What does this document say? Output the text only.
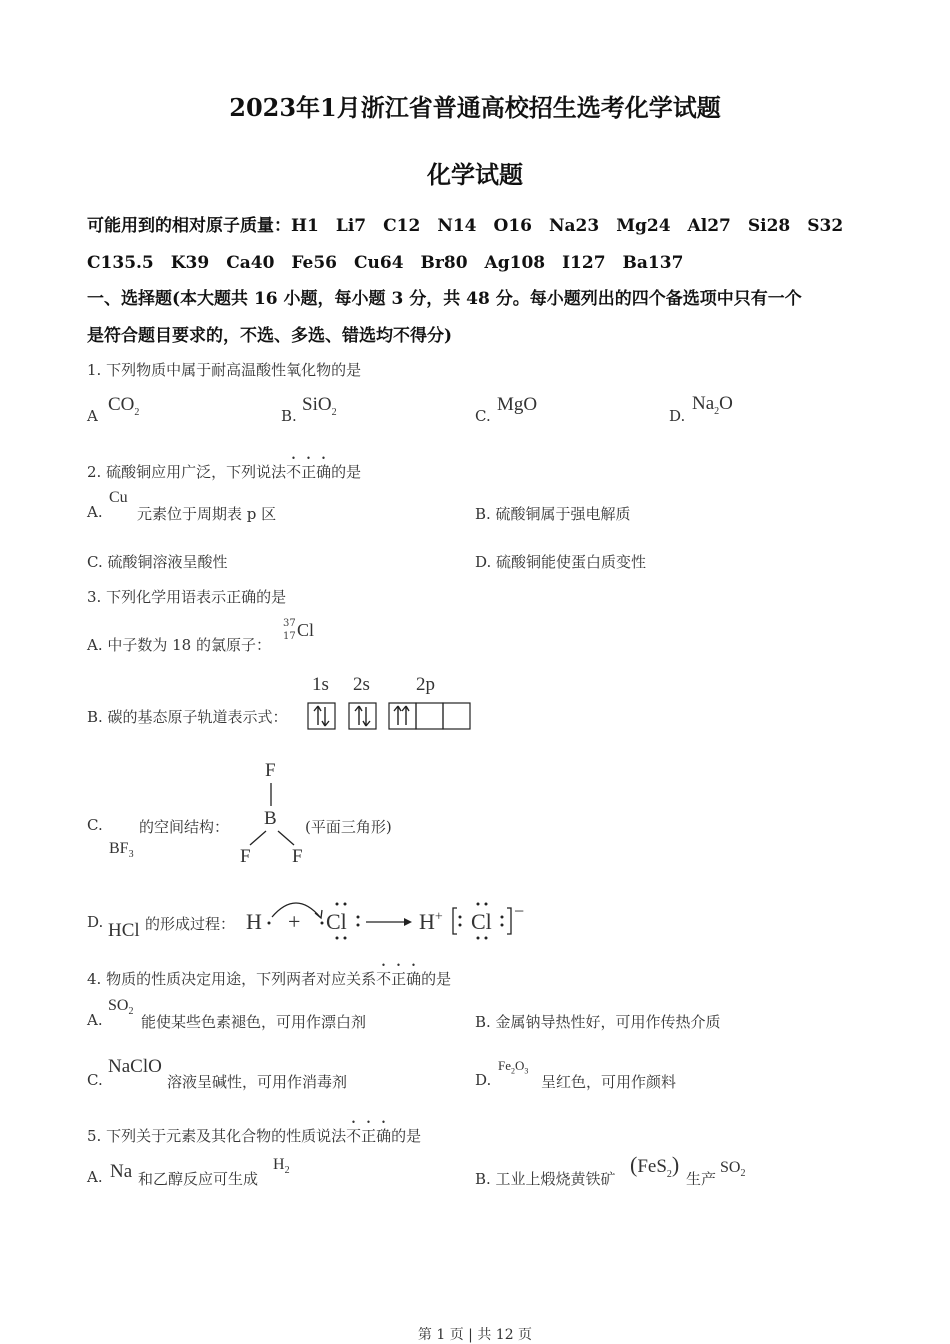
2023年1月浙江省普通高校招生选考化学试题
化学试题
可能用到的相对原子质量：H1　Li7　C12　N14　O16　Na23　Mg24　Al27　Si28　S32
C135.5　K39　Ca40　Fe56　Cu64　Br80　Ag108　I127　Ba137
一、选择题(本大题共 16 小题，每小题 3 分，共 48 分。每小题列出的四个备选项中只有一个
是符合题目要求的，不选、多选、错选均不得分)
1. 下列物质中属于耐高温酸性氧化物的是
A
$CO_2$	B.
SiO$_2$	C.
MgO
D.
$Na_2O$
2. 硫酸铜应用广泛，下列说法不正确的是
A.
Cu
元素位于周期表 p 区	B. 硫酸铜属于强电解质
C. 硫酸铜溶液呈酸性	D. 硫酸铜能使蛋白质变性
3. 下列化学用语表示正确的是
A. 中子数为 18 的氯原子：
37
17 Cl
B. 碳的基态原子轨道表示式：
1s 2s 2p
C.
$BF_3$
的空间结构：
F
B
F F
(平面三角形)
D. HCl 的形成过程： H + Cl	H+ Cl −
4. 物质的性质决定用途，下列两者对应关系不正确的是
A.
$SO_2$
能使某些色素褪色，可用作漂白剂	B. 金属钠导热性好，可用作传热介质
C.
NaClO
溶液呈碱性，可用作消毒剂	D.
$Fe_2O_3$
呈红色，可用作颜料
5. 下列关于元素及其化合物的性质说法不正确的是
A. Na 和乙醇反应可生成
$H_2$	B. 工业上煅烧黄铁矿
(FeS$_2$)
生产
$SO_2$
第 1 页 | 共 12 页
